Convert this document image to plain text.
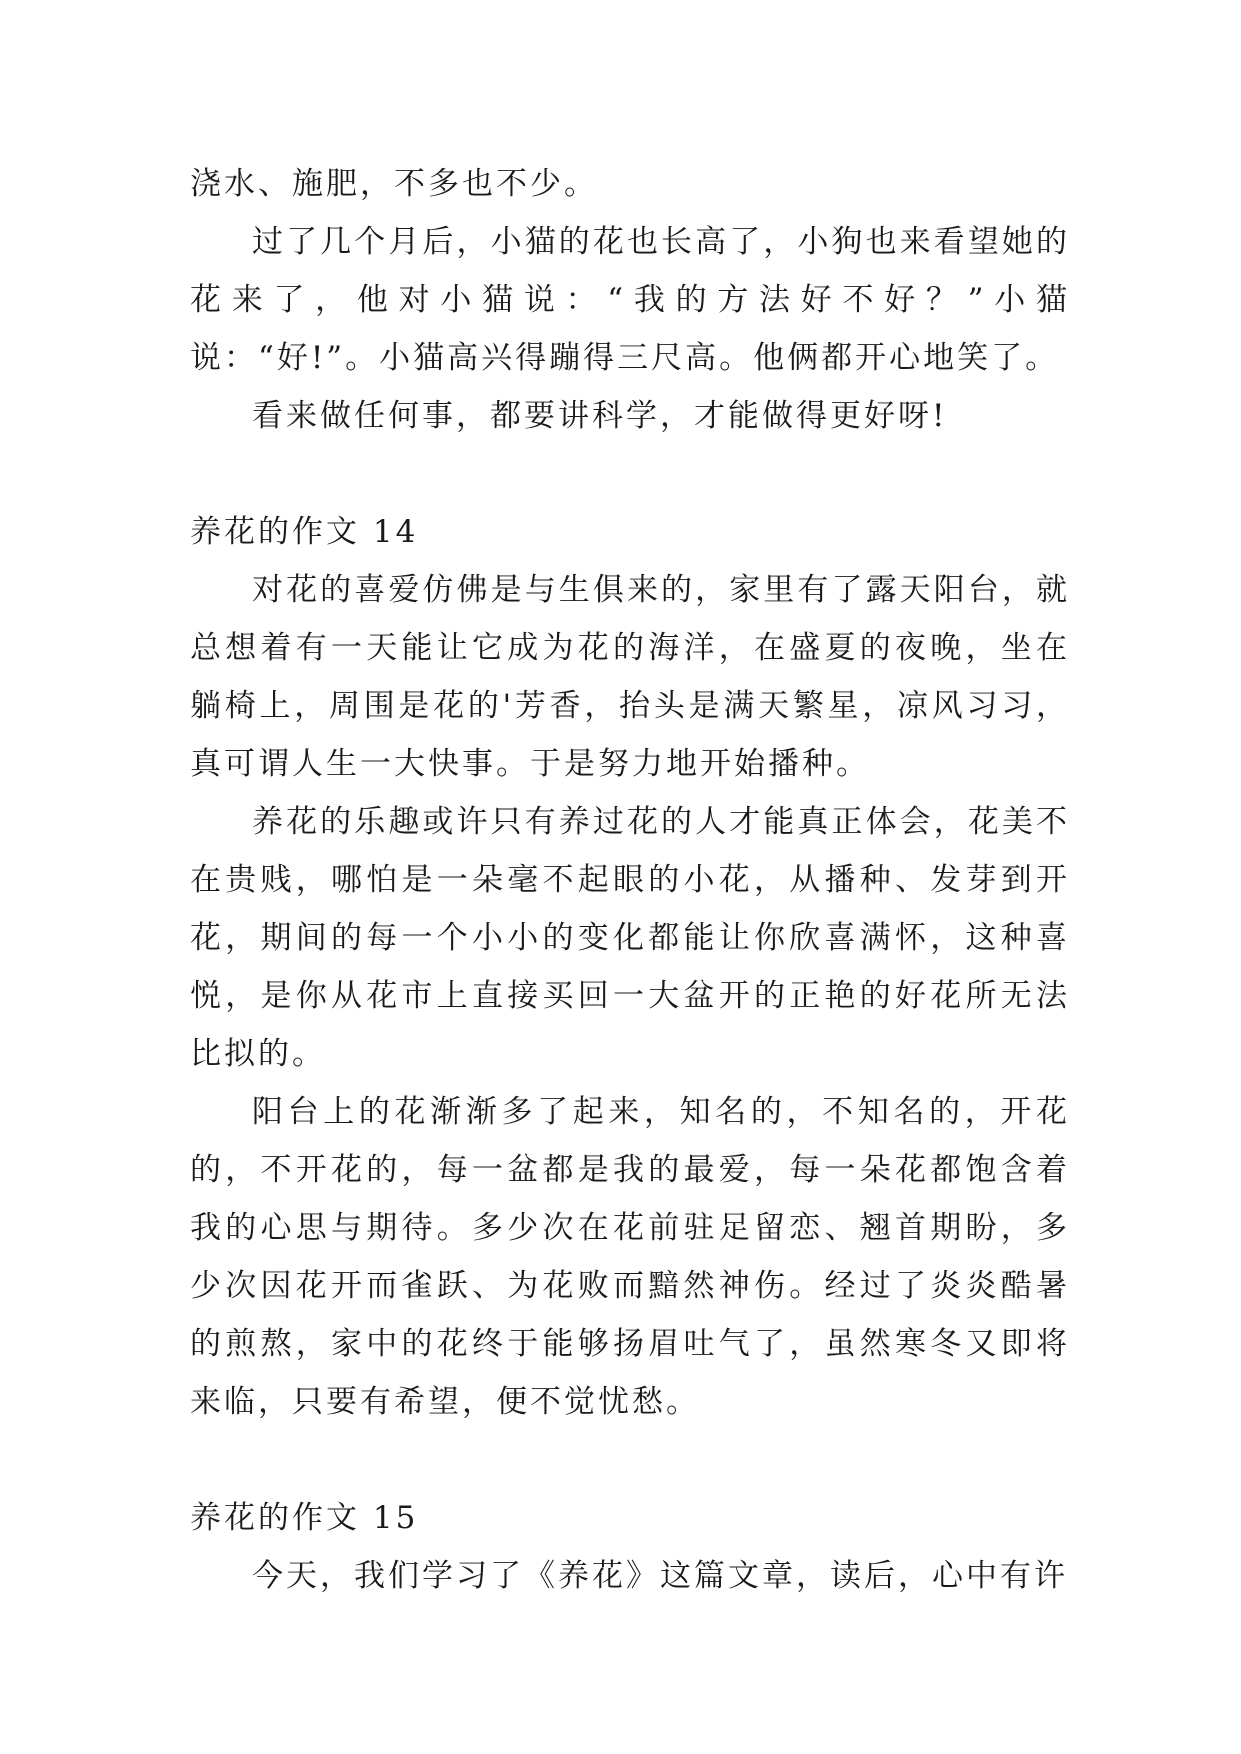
浇水、施肥，不多也不少。

过了几个月后，小猫的花也长高了，小狗也来看望她的花来了，他对小猫说：“我的方法好不好？”小猫说：“好!”。小猫高兴得蹦得三尺高。他俩都开心地笑了。

看来做任何事，都要讲科学，才能做得更好呀!

养花的作文 14

对花的喜爱仿佛是与生俱来的，家里有了露天阳台，就总想着有一天能让它成为花的海洋，在盛夏的夜晚，坐在躺椅上，周围是花的'芳香，抬头是满天繁星，凉风习习，真可谓人生一大快事。于是努力地开始播种。

养花的乐趣或许只有养过花的人才能真正体会，花美不在贵贱，哪怕是一朵毫不起眼的小花，从播种、发芽到开花，期间的每一个小小的变化都能让你欣喜满怀，这种喜悦，是你从花市上直接买回一大盆开的正艳的好花所无法比拟的。

阳台上的花渐渐多了起来，知名的，不知名的，开花的，不开花的，每一盆都是我的最爱，每一朵花都饱含着我的心思与期待。多少次在花前驻足留恋、翘首期盼，多少次因花开而雀跃、为花败而黯然神伤。经过了炎炎酷暑的煎熬，家中的花终于能够扬眉吐气了，虽然寒冬又即将来临，只要有希望，便不觉忧愁。

养花的作文 15

今天，我们学习了《养花》这篇文章，读后，心中有许
